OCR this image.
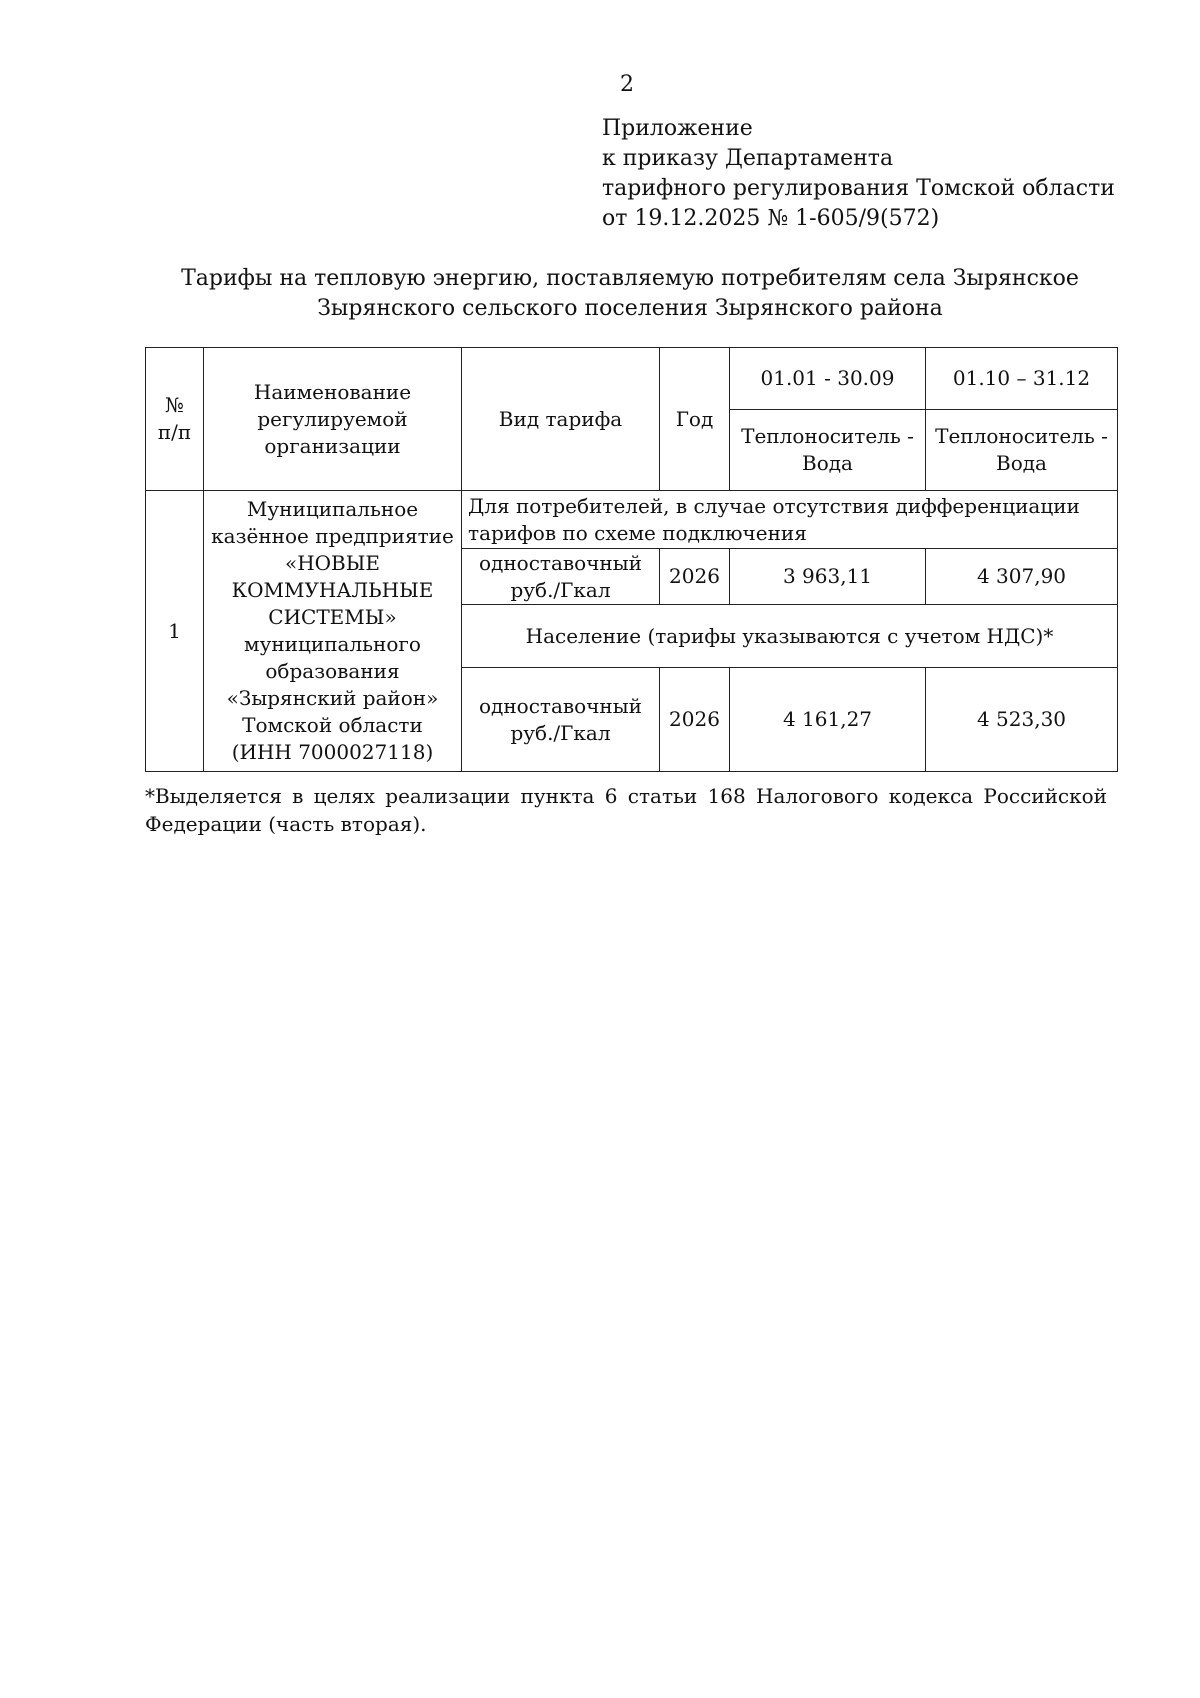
2
Приложение
к приказу Департамента
тарифного регулирования Томской области
от 19.12.2025 № 1-605/9(572)
Тарифы на тепловую энергию, поставляемую потребителям села Зырянское
Зырянского сельского поселения Зырянского района
№ п/п	Наименование регулируемой организации	Вид тарифа	Год	01.01 - 30.09	01.10 – 31.12
				Теплоноситель - Вода	Теплоноситель - Вода
1	Муниципальное казённое предприятие «НОВЫЕ КОММУНАЛЬНЫЕ СИСТЕМЫ» муниципального образования «Зырянский район» Томской области (ИНН 7000027118)	Для потребителей, в случае отсутствия дифференциации тарифов по схеме подключения			
		одноставочный руб./Гкал	2026	3 963,11	4 307,90
		Население (тарифы указываются с учетом НДС)*			
		одноставочный руб./Гкал	2026	4 161,27	4 523,30
*Выделяется в целях реализации пункта 6 статьи 168 Налогового кодекса Российской Федерации (часть вторая).
